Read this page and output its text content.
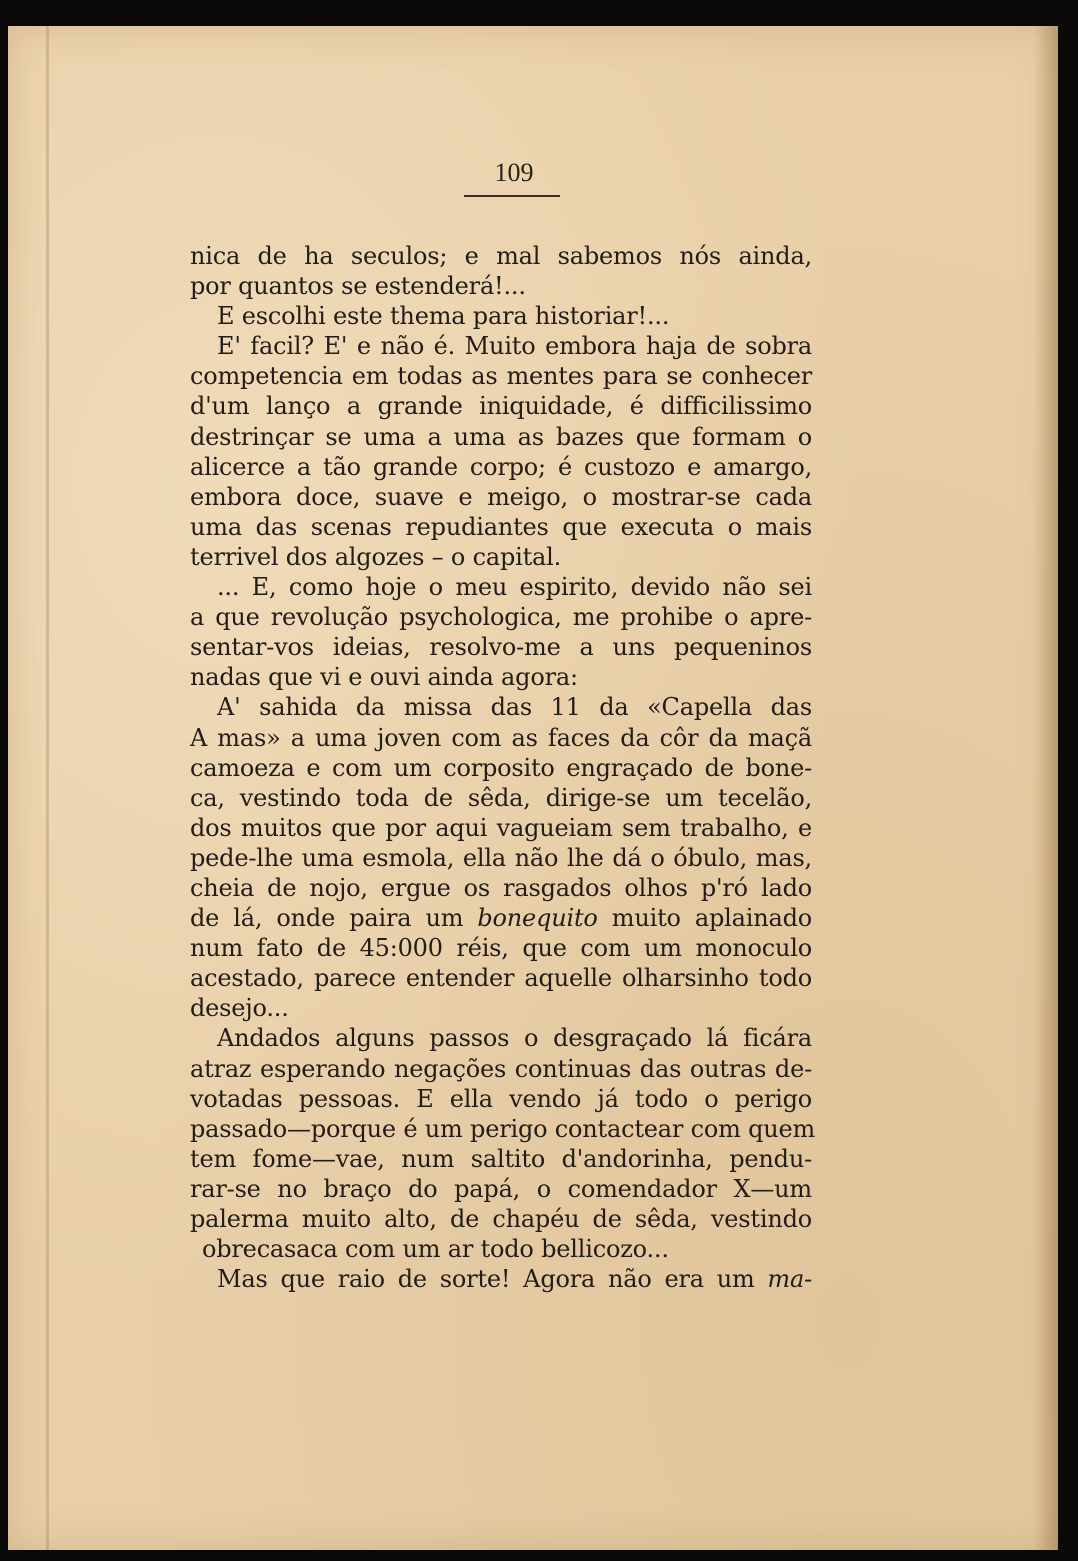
109

nica de ha seculos; e mal sabemos nós ainda,
por quantos se estenderá!...
E escolhi este thema para historiar!...
E' facil? E' e não é. Muito embora haja de sobra
competencia em todas as mentes para se conhecer
d'um lanço a grande iniquidade, é difficilissimo
destrinçar se uma a uma as bazes que formam o
alicerce a tão grande corpo; é custozo e amargo,
embora doce, suave e meigo, o mostrar-se cada
uma das scenas repudiantes que executa o mais
terrivel dos algozes – o capital.
... E, como hoje o meu espirito, devido não sei
a que revolução psychologica, me prohibe o apre-
sentar-vos ideias, resolvo-me a uns pequeninos
nadas que vi e ouvi ainda agora:
A' sahida da missa das 11 da «Capella das
A mas» a uma joven com as faces da côr da maçã
camoeza e com um corposito engraçado de bone-
ca, vestindo toda de sêda, dirige-se um tecelão,
dos muitos que por aqui vagueiam sem trabalho, e
pede-lhe uma esmola, ella não lhe dá o óbulo, mas,
cheia de nojo, ergue os rasgados olhos p'ró lado
de lá, onde paira um bonequito muito aplainado
num fato de 45:000 réis, que com um monoculo
acestado, parece entender aquelle olharsinho todo
desejo...
Andados alguns passos o desgraçado lá ficára
atraz esperando negações continuas das outras de-
votadas pessoas. E ella vendo já todo o perigo
passado—porque é um perigo contactear com quem
tem fome—vae, num saltito d'andorinha, pendu-
rar-se no braço do papá, o comendador X—um
palerma muito alto, de chapéu de sêda, vestindo
obrecasaca com um ar todo bellicozo...
Mas que raio de sorte! Agora não era um ma-
